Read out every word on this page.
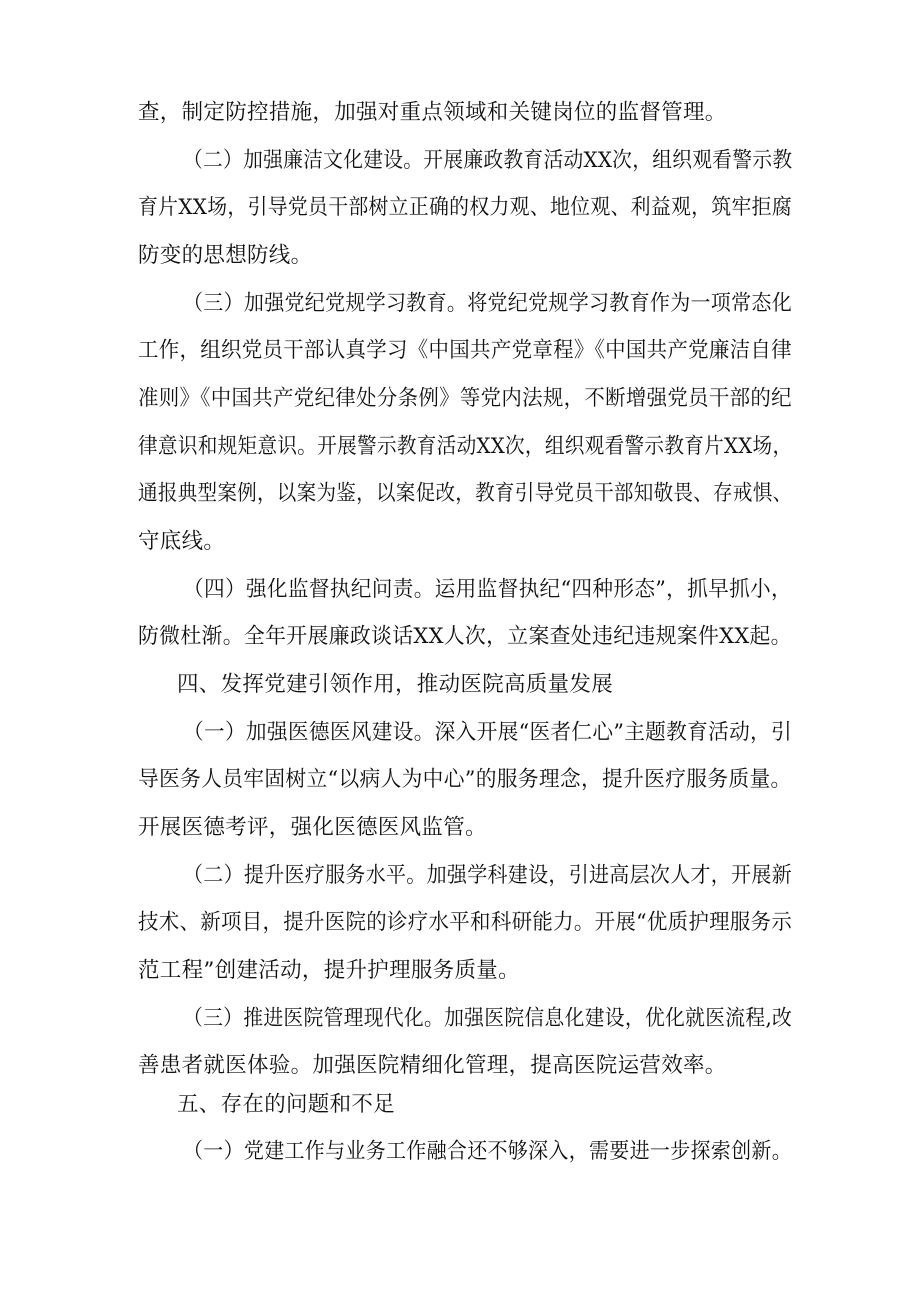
查，制定防控措施，加强对重点领域和关键岗位的监督管理。
（二）加强廉洁文化建设。开展廉政教育活动XX次，组织观看警示教
育片XX场，引导党员干部树立正确的权力观、地位观、利益观，筑牢拒腐
防变的思想防线。
（三）加强党纪党规学习教育。将党纪党规学习教育作为一项常态化
工作，组织党员干部认真学习《中国共产党章程》《中国共产党廉洁自律
准则》《中国共产党纪律处分条例》等党内法规，不断增强党员干部的纪
律意识和规矩意识。开展警示教育活动XX次，组织观看警示教育片XX场，
通报典型案例，以案为鉴，以案促改，教育引导党员干部知敬畏、存戒惧、
守底线。
（四）强化监督执纪问责。运用监督执纪“四种形态”，抓早抓小，
防微杜渐。全年开展廉政谈话XX人次，立案查处违纪违规案件XX起。
四、发挥党建引领作用，推动医院高质量发展
（一）加强医德医风建设。深入开展“医者仁心”主题教育活动，引
导医务人员牢固树立“以病人为中心”的服务理念，提升医疗服务质量。
开展医德考评，强化医德医风监管。
（二）提升医疗服务水平。加强学科建设，引进高层次人才，开展新
技术、新项目，提升医院的诊疗水平和科研能力。开展“优质护理服务示
范工程”创建活动，提升护理服务质量。
（三）推进医院管理现代化。加强医院信息化建设，优化就医流程,改
善患者就医体验。加强医院精细化管理，提高医院运营效率。
五、存在的问题和不足
（一）党建工作与业务工作融合还不够深入，需要进一步探索创新。
